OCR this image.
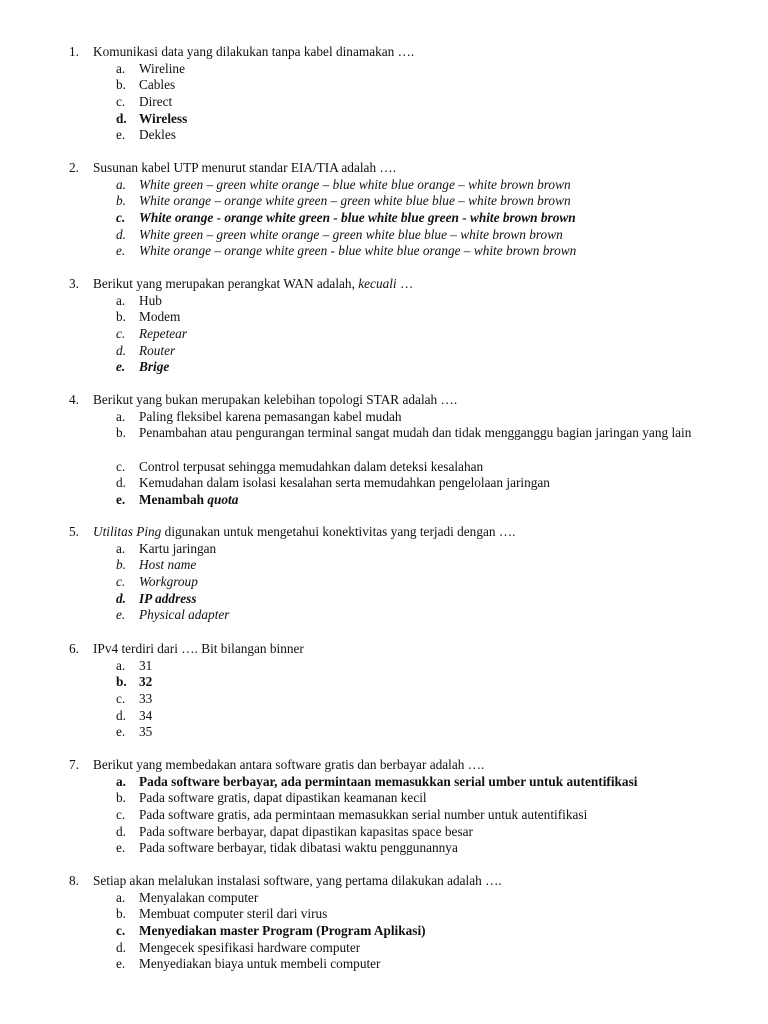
1. Komunikasi data yang dilakukan tanpa kabel dinamakan ….
a. Wireline
b. Cables
c. Direct
d. Wireless
e. Dekles
2. Susunan kabel UTP menurut standar EIA/TIA adalah ….
a. White green – green white orange – blue white blue orange – white brown brown
b. White orange – orange white green – green white blue blue – white brown brown
c. White orange - orange white green - blue white blue green - white brown brown
d. White green – green white orange – green white blue blue – white brown brown
e. White orange – orange white green - blue white blue orange – white brown brown
3. Berikut yang merupakan perangkat WAN adalah, kecuali …
a. Hub
b. Modem
c. Repetear
d. Router
e. Brige
4. Berikut yang bukan merupakan kelebihan topologi STAR adalah ….
a. Paling fleksibel karena pemasangan kabel mudah
b. Penambahan atau pengurangan terminal sangat mudah dan tidak mengganggu bagian jaringan yang lain
c. Control terpusat sehingga memudahkan dalam deteksi kesalahan
d. Kemudahan dalam isolasi kesalahan serta memudahkan pengelolaan jaringan
e. Menambah quota
5. Utilitas Ping digunakan untuk mengetahui konektivitas yang terjadi dengan ….
a. Kartu jaringan
b. Host name
c. Workgroup
d. IP address
e. Physical adapter
6. IPv4 terdiri dari …. Bit bilangan binner
a. 31
b. 32
c. 33
d. 34
e. 35
7. Berikut yang membedakan antara software gratis dan berbayar adalah ….
a. Pada software berbayar, ada permintaan memasukkan serial umber untuk autentifikasi
b. Pada software gratis, dapat dipastikan keamanan kecil
c. Pada software gratis, ada permintaan memasukkan serial number untuk autentifikasi
d. Pada software berbayar, dapat dipastikan kapasitas space besar
e. Pada software berbayar, tidak dibatasi waktu penggunannya
8. Setiap akan melalukan instalasi software, yang pertama dilakukan adalah ….
a. Menyalakan computer
b. Membuat computer steril dari virus
c. Menyediakan master Program (Program Aplikasi)
d. Mengecek spesifikasi hardware computer
e. Menyediakan biaya untuk membeli computer
